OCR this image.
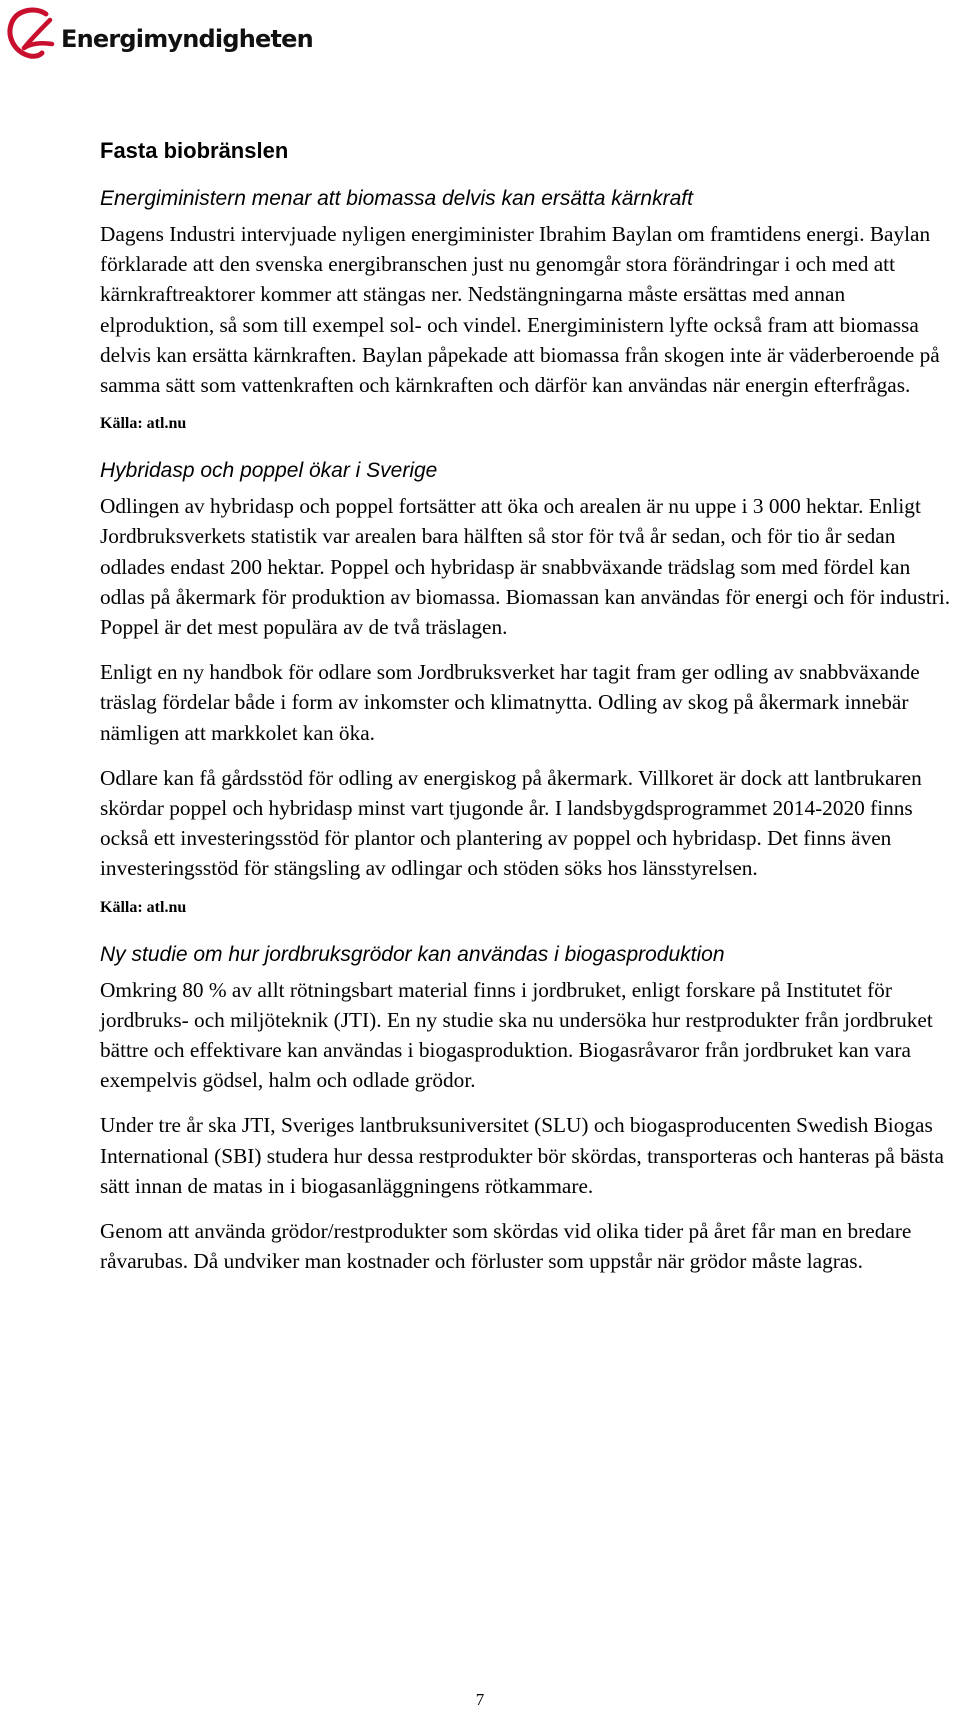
Energimyndigheten
Fasta biobränslen
Energiministern menar att biomassa delvis kan ersätta kärnkraft

Dagens Industri intervjuade nyligen energiminister Ibrahim Baylan om framtidens energi. Baylan förklarade att den svenska energibranschen just nu genomgår stora förändringar i och med att kärnkraftreaktorer kommer att stängas ner. Nedstängningarna måste ersättas med annan elproduktion, så som till exempel sol- och vindel. Energiministern lyfte också fram att biomassa delvis kan ersätta kärnkraften. Baylan påpekade att biomassa från skogen inte är väderberoende på samma sätt som vattenkraften och kärnkraften och därför kan användas när energin efterfrågas.

Källa: atl.nu
Hybridasp och poppel ökar i Sverige

Odlingen av hybridasp och poppel fortsätter att öka och arealen är nu uppe i 3 000 hektar. Enligt Jordbruksverkets statistik var arealen bara hälften så stor för två år sedan, och för tio år sedan odlades endast 200 hektar. Poppel och hybridasp är snabbväxande trädslag som med fördel kan odlas på åkermark för produktion av biomassa. Biomassan kan användas för energi och för industri. Poppel är det mest populära av de två träslagen.

Enligt en ny handbok för odlare som Jordbruksverket har tagit fram ger odling av snabbväxande träslag fördelar både i form av inkomster och klimatnytta. Odling av skog på åkermark innebär nämligen att markkolet kan öka.

Odlare kan få gårdsstöd för odling av energiskog på åkermark. Villkoret är dock att lantbrukaren skördar poppel och hybridasp minst vart tjugonde år. I landsbygdsprogrammet 2014-2020 finns också ett investeringsstöd för plantor och plantering av poppel och hybridasp. Det finns även investeringsstöd för stängsling av odlingar och stöden söks hos länsstyrelsen.

Källa: atl.nu
Ny studie om hur jordbruksgrödor kan användas i biogasproduktion

Omkring 80 % av allt rötningsbart material finns i jordbruket, enligt forskare på Institutet för jordbruks- och miljöteknik (JTI). En ny studie ska nu undersöka hur restprodukter från jordbruket bättre och effektivare kan användas i biogasproduktion. Biogasråvaror från jordbruket kan vara exempelvis gödsel, halm och odlade grödor.

Under tre år ska JTI, Sveriges lantbruksuniversitet (SLU) och biogasproducenten Swedish Biogas International (SBI) studera hur dessa restprodukter bör skördas, transporteras och hanteras på bästa sätt innan de matas in i biogasanläggningens rötkammare.

Genom att använda grödor/restprodukter som skördas vid olika tider på året får man en bredare råvarubas. Då undviker man kostnader och förluster som uppstår när grödor måste lagras.

7
